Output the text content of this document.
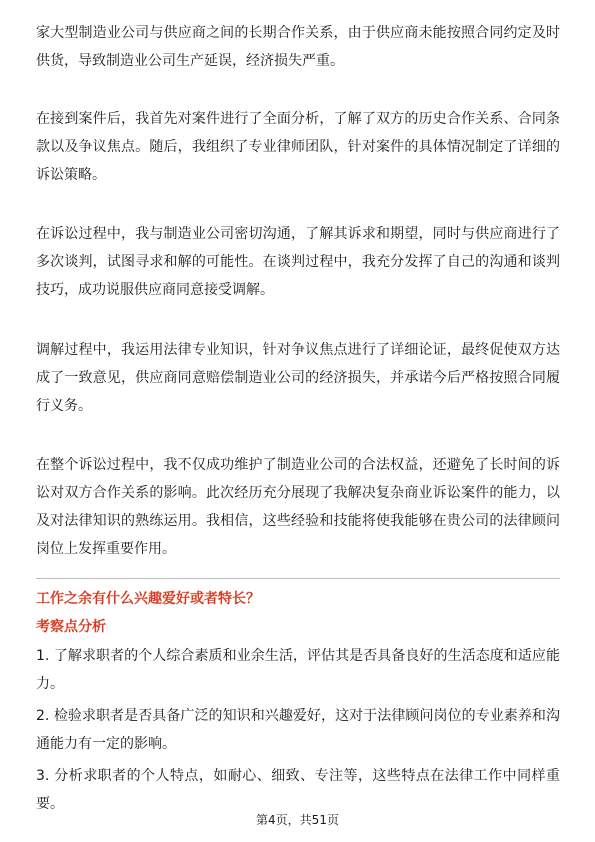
家大型制造业公司与供应商之间的长期合作关系，由于供应商未能按照合同约定及时供货，导致制造业公司生产延误，经济损失严重。

在接到案件后，我首先对案件进行了全面分析，了解了双方的历史合作关系、合同条款以及争议焦点。随后，我组织了专业律师团队，针对案件的具体情况制定了详细的诉讼策略。

在诉讼过程中，我与制造业公司密切沟通，了解其诉求和期望，同时与供应商进行了多次谈判，试图寻求和解的可能性。在谈判过程中，我充分发挥了自己的沟通和谈判技巧，成功说服供应商同意接受调解。

调解过程中，我运用法律专业知识，针对争议焦点进行了详细论证，最终促使双方达成了一致意见，供应商同意赔偿制造业公司的经济损失，并承诺今后严格按照合同履行义务。

在整个诉讼过程中，我不仅成功维护了制造业公司的合法权益，还避免了长时间的诉讼对双方合作关系的影响。此次经历充分展现了我解决复杂商业诉讼案件的能力，以及对法律知识的熟练运用。我相信，这些经验和技能将使我能够在贵公司的法律顾问岗位上发挥重要作用。

工作之余有什么兴趣爱好或者特长？
考察点分析
1. 了解求职者的个人综合素质和业余生活，评估其是否具备良好的生活态度和适应能力。
2. 检验求职者是否具备广泛的知识和兴趣爱好，这对于法律顾问岗位的专业素养和沟通能力有一定的影响。
3. 分析求职者的个人特点，如耐心、细致、专注等，这些特点在法律工作中同样重要。
第4页，共51页
